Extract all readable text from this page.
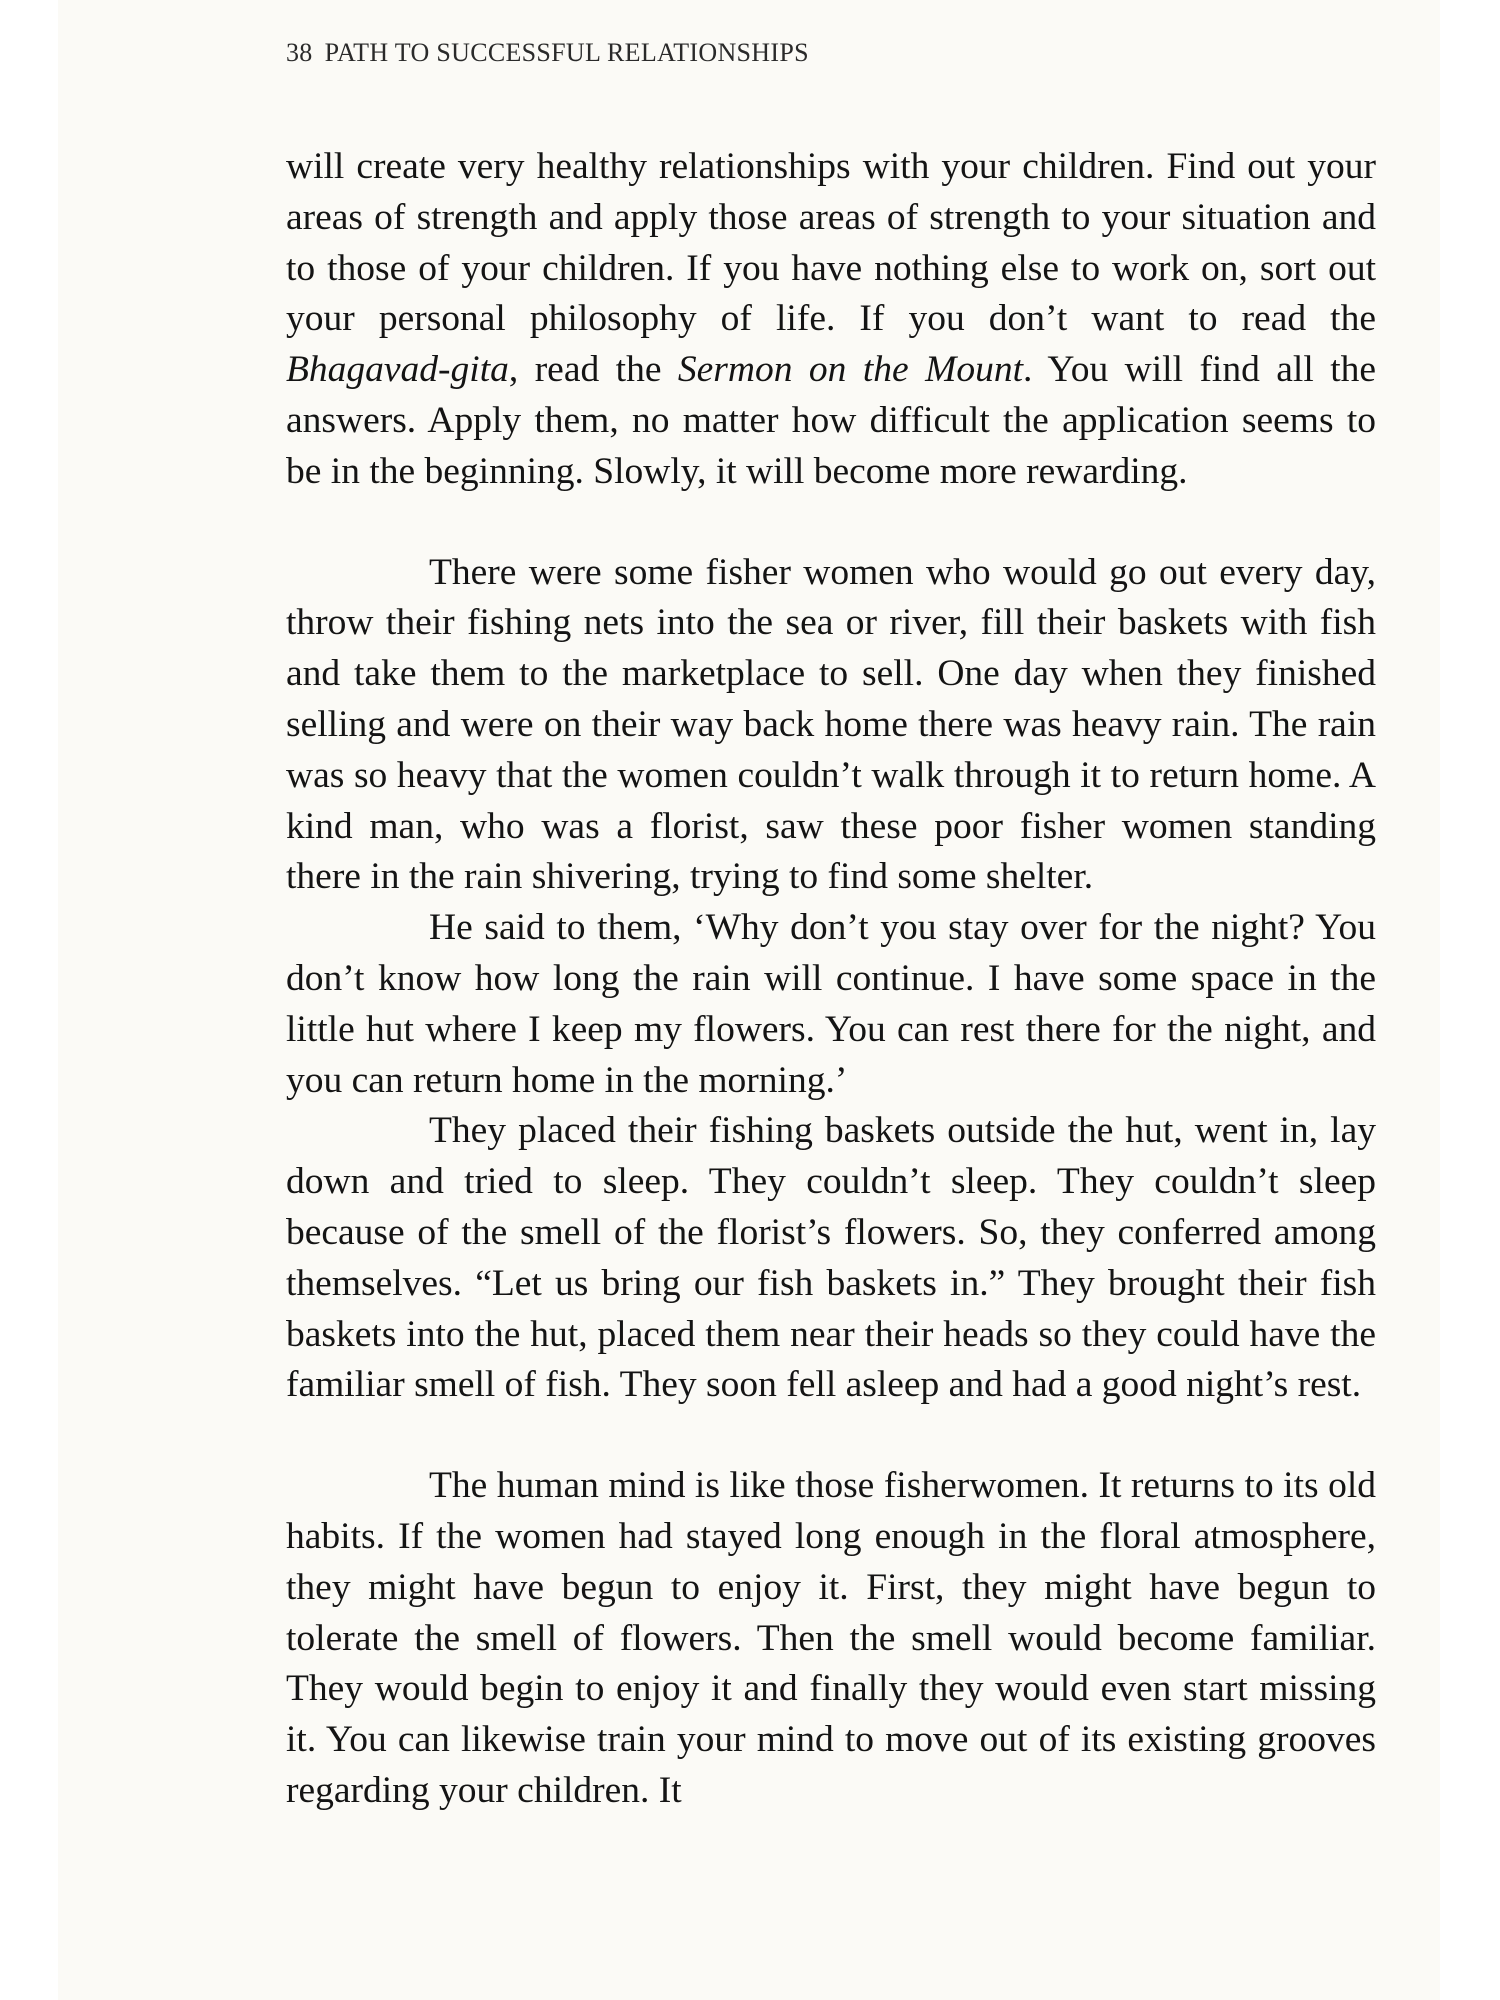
38 PATH TO SUCCESSFUL RELATIONSHIPS

will create very healthy relationships with your children. Find out your areas of strength and apply those areas of strength to your situation and to those of your children. If you have nothing else to work on, sort out your personal philosophy of life. If you don’t want to read the Bhagavad-gita, read the Sermon on the Mount. You will find all the answers. Apply them, no matter how difficult the application seems to be in the beginning. Slowly, it will become more rewarding.

There were some fisher women who would go out every day, throw their fishing nets into the sea or river, fill their baskets with fish and take them to the marketplace to sell. One day when they finished selling and were on their way back home there was heavy rain. The rain was so heavy that the women couldn’t walk through it to return home. A kind man, who was a florist, saw these poor fisher women standing there in the rain shivering, trying to find some shelter.

He said to them, ‘Why don’t you stay over for the night? You don’t know how long the rain will continue. I have some space in the little hut where I keep my flowers. You can rest there for the night, and you can return home in the morning.’

They placed their fishing baskets outside the hut, went in, lay down and tried to sleep. They couldn’t sleep. They couldn’t sleep because of the smell of the florist’s flowers. So, they conferred among themselves. “Let us bring our fish baskets in.” They brought their fish baskets into the hut, placed them near their heads so they could have the familiar smell of fish. They soon fell asleep and had a good night’s rest.

The human mind is like those fisherwomen. It returns to its old habits. If the women had stayed long enough in the floral atmosphere, they might have begun to enjoy it. First, they might have begun to tolerate the smell of flowers. Then the smell would become familiar. They would begin to enjoy it and finally they would even start missing it. You can likewise train your mind to move out of its existing grooves regarding your children. It
